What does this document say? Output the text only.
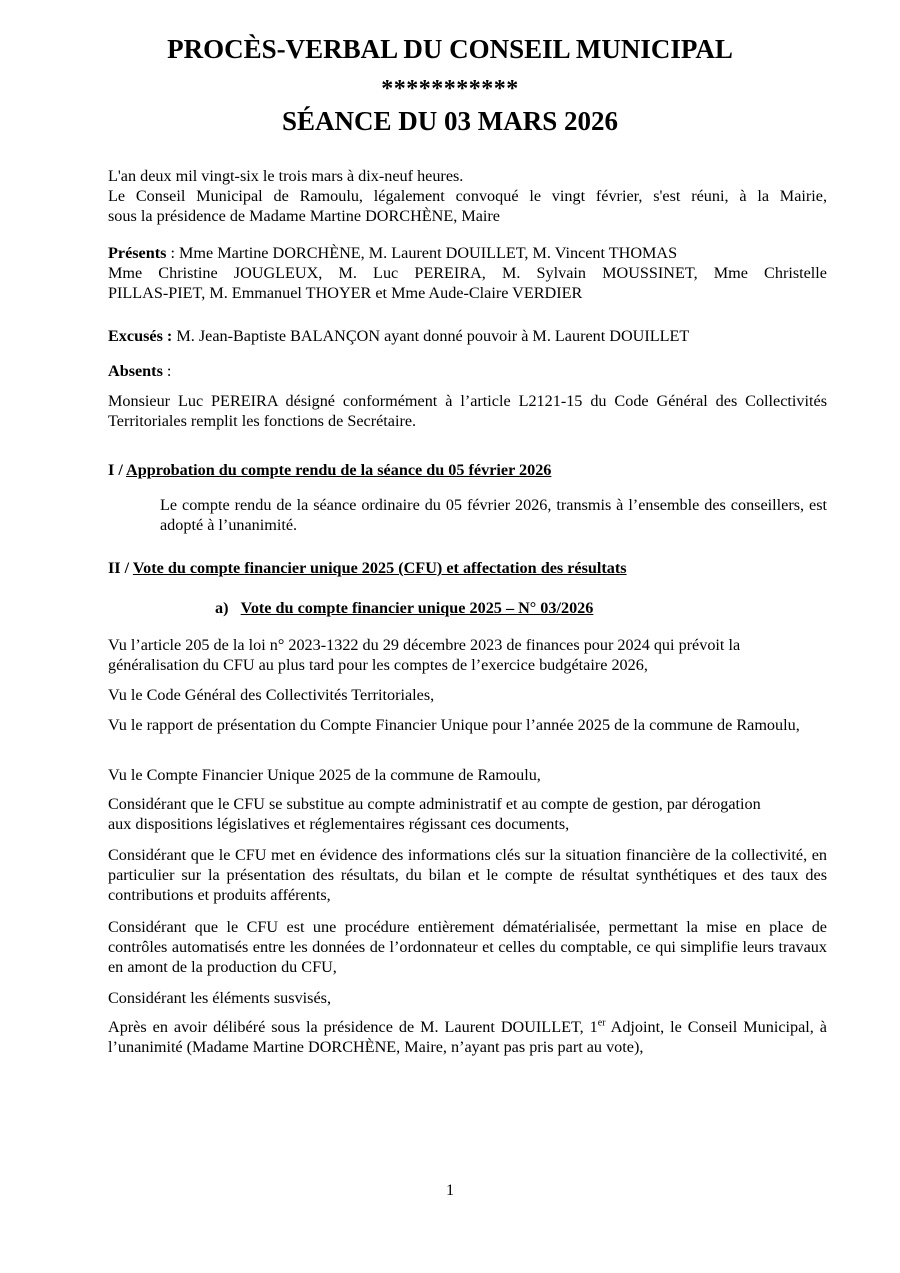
PROCÈS-VERBAL DU CONSEIL MUNICIPAL
***********
SÉANCE DU 03 MARS 2026
L'an deux mil vingt-six le trois mars à dix-neuf heures.
Le Conseil Municipal de Ramoulu, légalement convoqué le vingt février, s'est réuni, à la Mairie,
sous la présidence de Madame Martine DORCHÈNE, Maire
Présents : Mme Martine DORCHÈNE, M. Laurent DOUILLET, M. Vincent THOMAS
Mme Christine JOUGLEUX, M. Luc PEREIRA, M. Sylvain MOUSSINET, Mme Christelle
PILLAS-PIET, M. Emmanuel THOYER et Mme Aude-Claire VERDIER
Excusés : M. Jean-Baptiste BALANÇON ayant donné pouvoir à M. Laurent DOUILLET
Absents :
Monsieur Luc PEREIRA désigné conformément à l’article L2121-15 du Code Général des Collectivités Territoriales remplit les fonctions de Secrétaire.
I / Approbation du compte rendu de la séance du 05 février 2026
Le compte rendu de la séance ordinaire du 05 février 2026, transmis à l’ensemble des conseillers, est adopté à l’unanimité.
II / Vote du compte financier unique 2025 (CFU) et affectation des résultats
a) Vote du compte financier unique 2025 – N° 03/2026
Vu l’article 205 de la loi n° 2023-1322 du 29 décembre 2023 de finances pour 2024 qui prévoit la
généralisation du CFU au plus tard pour les comptes de l’exercice budgétaire 2026,
Vu le Code Général des Collectivités Territoriales,
Vu le rapport de présentation du Compte Financier Unique pour l’année 2025 de la commune de Ramoulu,
Vu le Compte Financier Unique 2025 de la commune de Ramoulu,
Considérant que le CFU se substitue au compte administratif et au compte de gestion, par dérogation
aux dispositions législatives et réglementaires régissant ces documents,
Considérant que le CFU met en évidence des informations clés sur la situation financière de la collectivité, en particulier sur la présentation des résultats, du bilan et le compte de résultat synthétiques et des taux des contributions et produits afférents,
Considérant que le CFU est une procédure entièrement dématérialisée, permettant la mise en place de contrôles automatisés entre les données de l’ordonnateur et celles du comptable, ce qui simplifie leurs travaux en amont de la production du CFU,
Considérant les éléments susvisés,
Après en avoir délibéré sous la présidence de M. Laurent DOUILLET, 1er Adjoint, le Conseil Municipal, à l’unanimité (Madame Martine DORCHÈNE, Maire, n’ayant pas pris part au vote),
1
